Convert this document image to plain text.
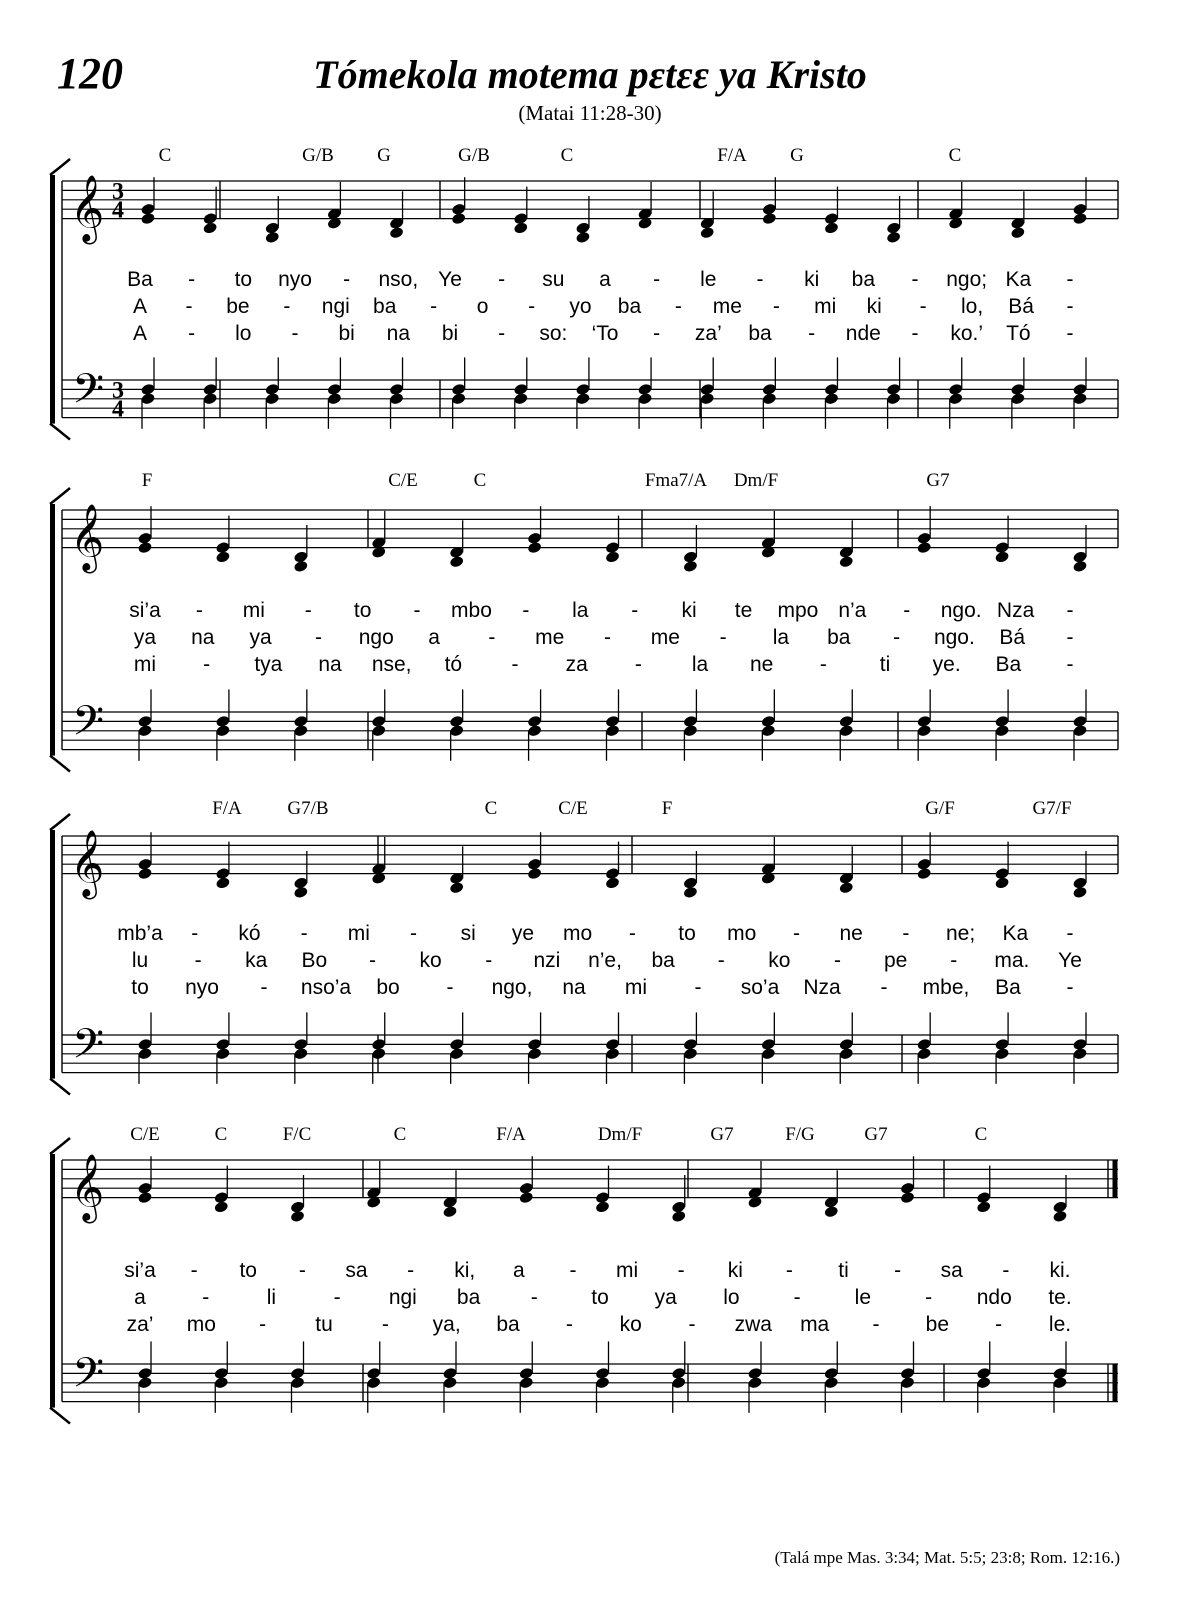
120	Tómekola motema pɛtɛɛ ya Kristo
(Matai 11:28-30)
𝄞
𝄢
3
4
3
4
C	G/B G	G/B	C	F/A G	C
Ba - to nyo - nso, Ye - su a - le - ki ba - ngo; Ka -
A - be - ngi ba - o - yo ba - me - mi ki - lo, Bá -
A - lo - bi na bi - so: ‘To - za’ ba - nde - ko.’ Tó -
𝄞
𝄢
F	C/E	C	Fma7/A Dm/F	G7
si’a - mi - to - mbo - la - ki te mpo n’a - ngo. Nza -
ya na ya - ngo a - me - me - la ba - ngo. Bá -
mi - tya na nse, tó - za - la ne -	ti ye. Ba -
𝄞
𝄢
F/A G7/B	C	C/E	F	G/F	G7/F
mb’a - kó - mi - si ye mo - to mo - ne - ne; Ka -
lu - ka Bo - ko - nzi n’e, ba - ko - pe - ma. Ye
to nyo - nso’a bo - ngo, na mi - so’a Nza - mbe, Ba -
𝄞
𝄢
C/E	C	F/C	C	F/A	Dm/F	G7	F/G	G7	C
si’a - to - sa - ki, a - mi - ki - ti - sa - ki.
a	-	li	- ngi ba -	to ya lo	-	le	- ndo te.
za’ mo - tu - ya, ba - ko - zwa ma - be - le.
(Talá mpe Mas. 3:34; Mat. 5:5; 23:8; Rom. 12:16.)
